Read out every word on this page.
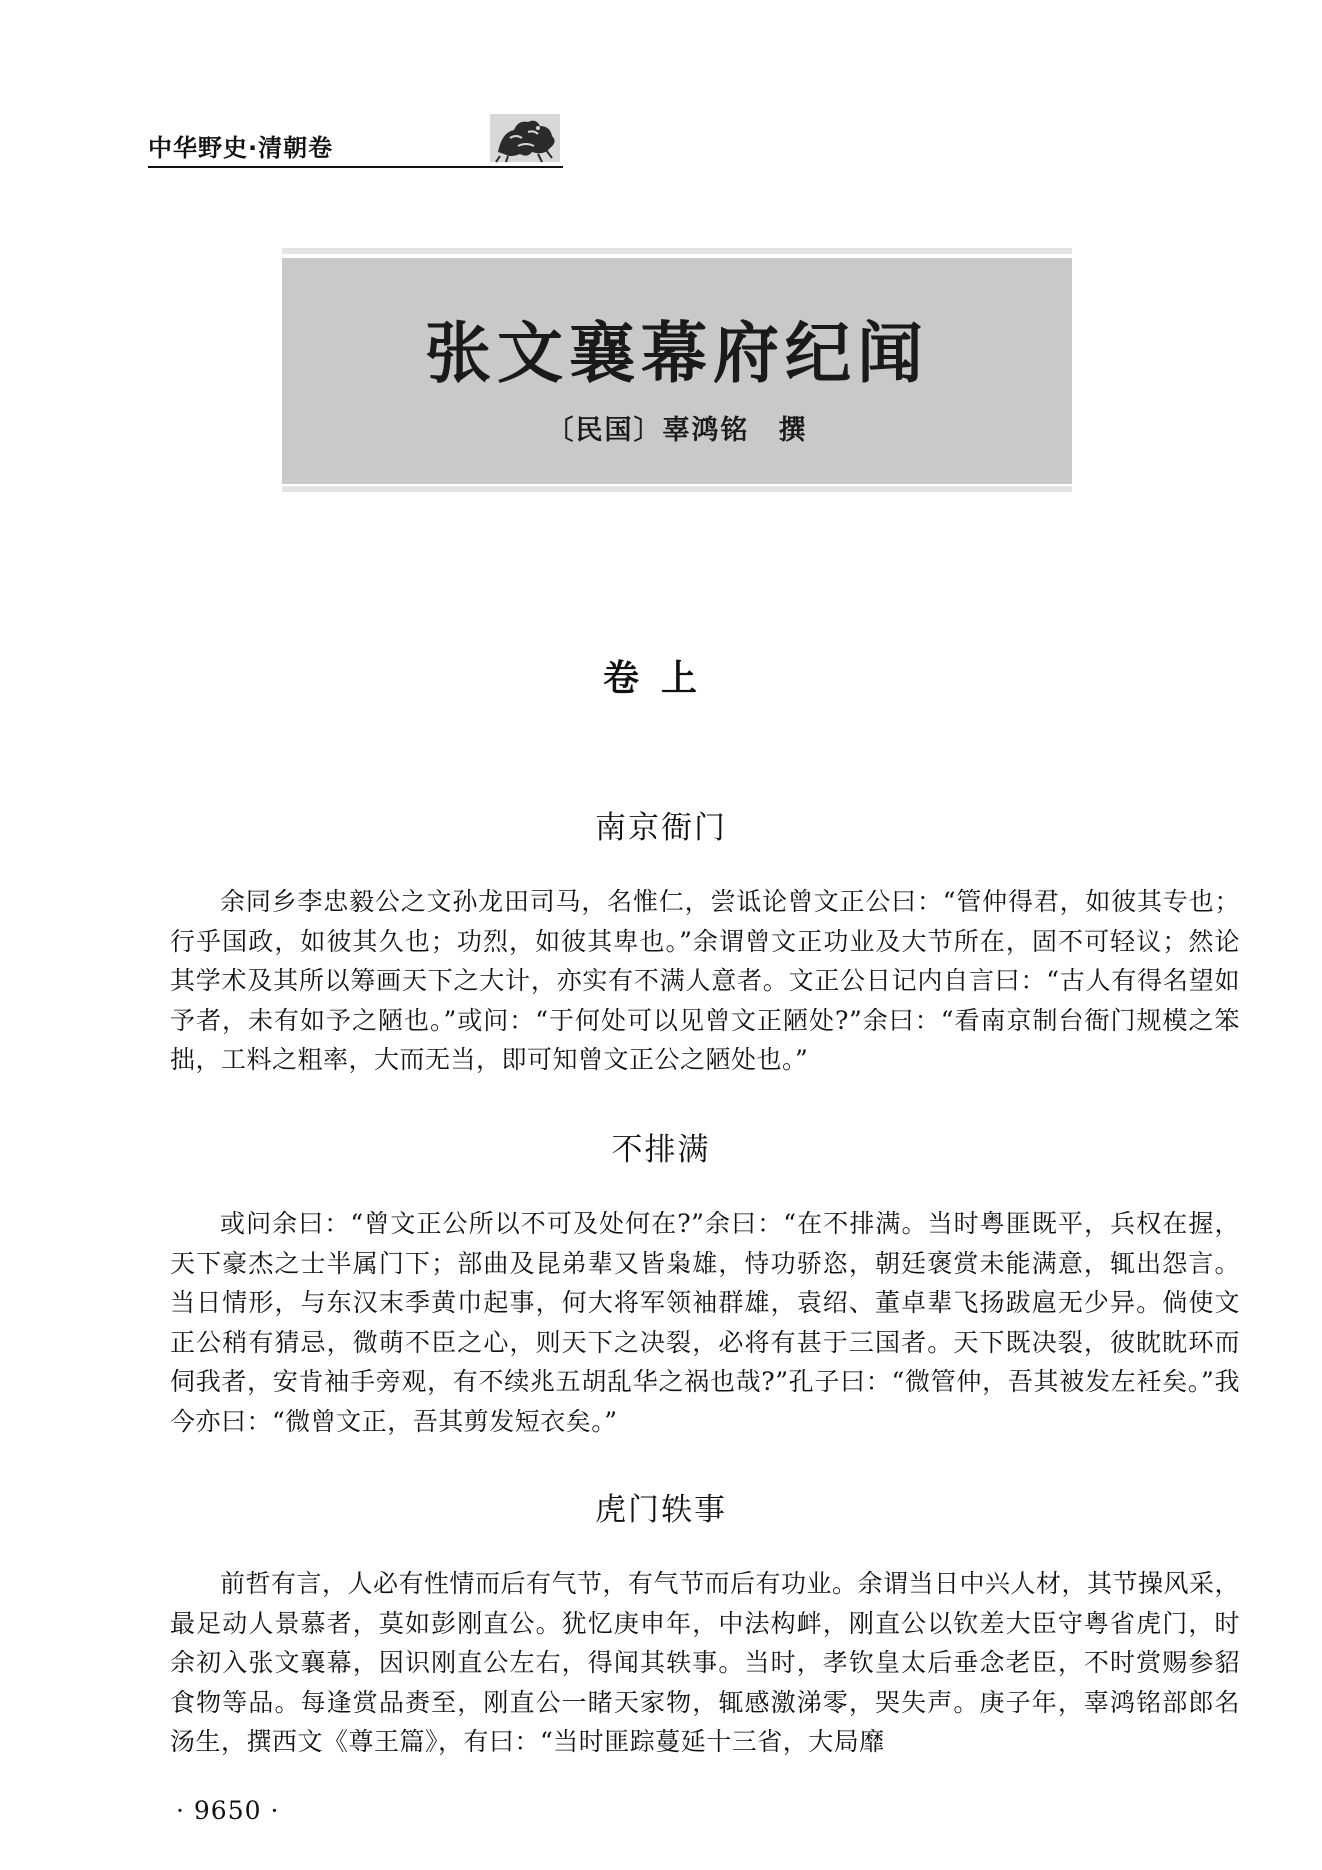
中华野史·清朝卷
张文襄幕府纪闻
〔民国〕辜鸿铭　撰
卷上
南京衙门

余同乡李忠毅公之文孙龙田司马，名惟仁，尝诋论曾文正公曰：“管仲得君，如彼其专也；行乎国政，如彼其久也；功烈，如彼其卑也。”余谓曾文正功业及大节所在，固不可轻议；然论其学术及其所以筹画天下之大计，亦实有不满人意者。文正公日记内自言曰：“古人有得名望如予者，未有如予之陋也。”或问：“于何处可以见曾文正陋处?”余曰：“看南京制台衙门规模之笨拙，工料之粗率，大而无当，即可知曾文正公之陋处也。”

不排满

或问余曰：“曾文正公所以不可及处何在?”余曰：“在不排满。当时粤匪既平，兵权在握，天下豪杰之士半属门下；部曲及昆弟辈又皆枭雄，恃功骄恣，朝廷褒赏未能满意，辄出怨言。当日情形，与东汉末季黄巾起事，何大将军领袖群雄，袁绍、董卓辈飞扬跋扈无少异。倘使文正公稍有猜忌，微萌不臣之心，则天下之决裂，必将有甚于三国者。天下既决裂，彼眈眈环而伺我者，安肯袖手旁观，有不续兆五胡乱华之祸也哉?”孔子曰：“微管仲，吾其被发左衽矣。”我今亦曰：“微曾文正，吾其剪发短衣矣。”

虎门轶事

前哲有言，人必有性情而后有气节，有气节而后有功业。余谓当日中兴人材，其节操风采，最足动人景慕者，莫如彭刚直公。犹忆庚申年，中法构衅，刚直公以钦差大臣守粤省虎门，时余初入张文襄幕，因识刚直公左右，得闻其轶事。当时，孝钦皇太后垂念老臣，不时赏赐参貂食物等品。每逢赏品赉至，刚直公一睹天家物，辄感激涕零，哭失声。庚子年，辜鸿铭部郎名汤生，撰西文《尊王篇》，有曰：“当时匪踪蔓延十三省，大局靡

· 9650 ·
